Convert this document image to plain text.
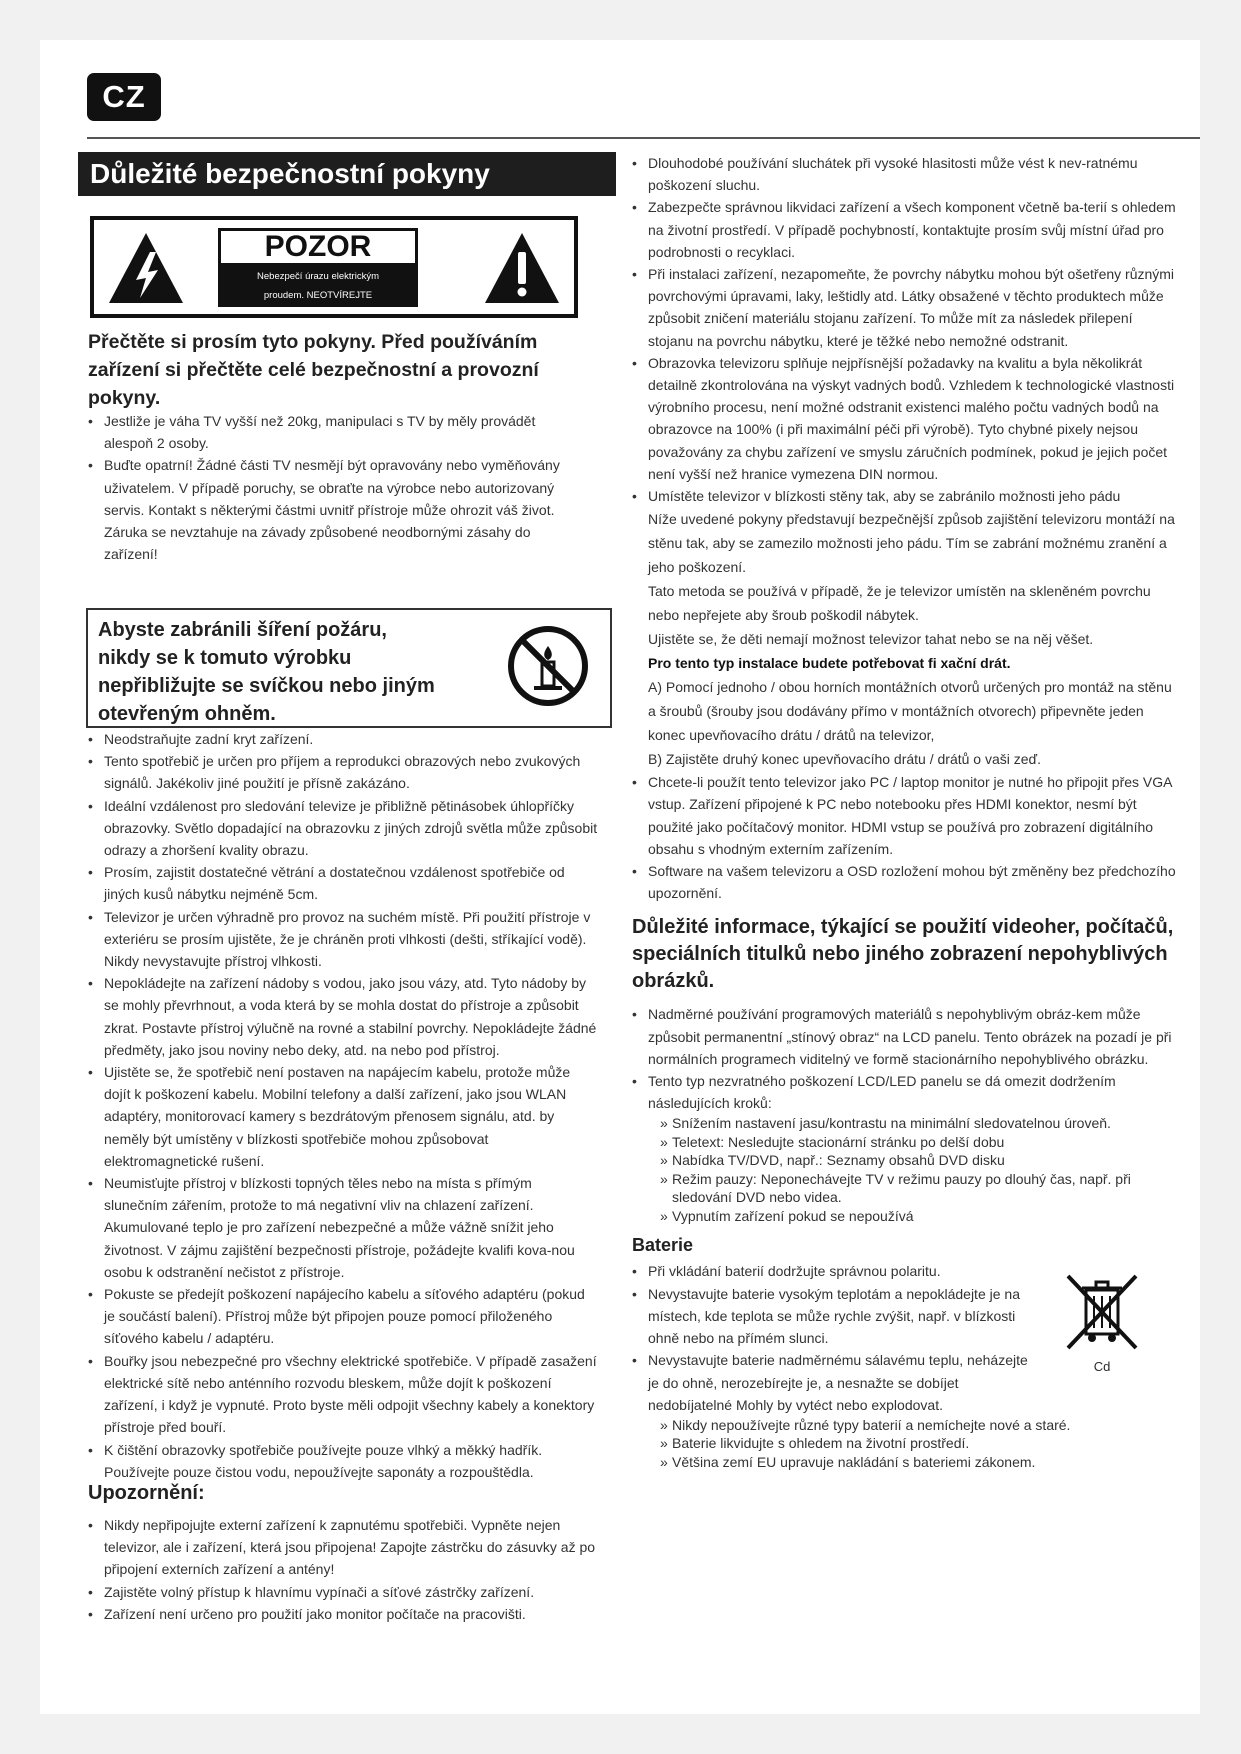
CZ
Důležité bezpečnostní pokyny
POZOR
Nebezpečí úrazu elektrickým
proudem. NEOTVÍREJTE
Přečtěte si prosím tyto pokyny. Před používáním zařízení si přečtěte celé bezpečnostní a provozní pokyny.
• Jestliže je váha TV vyšší než 20kg, manipulaci s TV by měly provádět alespoň 2 osoby.
• Buďte opatrní! Žádné části TV nesmějí být opravovány nebo vyměňovány uživatelem. V případě poruchy, se obraťte na výrobce nebo autorizovaný servis. Kontakt s některými částmi uvnitř přístroje může ohrozit váš život. Záruka se nevztahuje na závady způsobené neodbornými zásahy do zařízení!
Abyste zabránili šíření požáru, nikdy se k tomuto výrobku nepřibližujte se svíčkou nebo jiným otevřeným ohněm.
• Neodstraňujte zadní kryt zařízení.
• Tento spotřebič je určen pro příjem a reprodukci obrazových nebo zvukových signálů. Jakékoliv jiné použití je přísně zakázáno.
• Ideální vzdálenost pro sledování televize je přibližně pětinásobek úhlopříčky obrazovky. Světlo dopadající na obrazovku z jiných zdrojů světla může způsobit odrazy a zhoršení kvality obrazu.
• Prosím, zajistit dostatečné větrání a dostatečnou vzdálenost spotřebiče od jiných kusů nábytku nejméně 5cm.
• Televizor je určen výhradně pro provoz na suchém místě. Při použití přístroje v exteriéru se prosím ujistěte, že je chráněn proti vlhkosti (dešti, stříkající vodě). Nikdy nevystavujte přístroj vlhkosti.
• Nepokládejte na zařízení nádoby s vodou, jako jsou vázy, atd. Tyto nádoby by se mohly převrhnout, a voda která by se mohla dostat do přístroje a způsobit zkrat. Postavte přístroj výlučně na rovné a stabilní povrchy. Nepokládejte žádné předměty, jako jsou noviny nebo deky, atd. na nebo pod přístroj.
• Ujistěte se, že spotřebič není postaven na napájecím kabelu, protože může dojít k poškození kabelu. Mobilní telefony a další zařízení, jako jsou WLAN adaptéry, monitorovací kamery s bezdrátovým přenosem signálu, atd. by neměly být umístěny v blízkosti spotřebiče mohou způsobovat elektromagnetické rušení.
• Neumisťujte přístroj v blízkosti topných těles nebo na místa s přímým slunečním zářením, protože to má negativní vliv na chlazení zařízení. Akumulované teplo je pro zařízení nebezpečné a může vážně snížit jeho životnost. V zájmu zajištění bezpečnosti přístroje, požádejte kvalifi kova-nou osobu k odstranění nečistot z přístroje.
• Pokuste se předejít poškození napájecího kabelu a síťového adaptéru (pokud je součástí balení). Přístroj může být připojen pouze pomocí přiloženého síťového kabelu / adaptéru.
• Bouřky jsou nebezpečné pro všechny elektrické spotřebiče. V případě zasažení elektrické sítě nebo anténního rozvodu bleskem, může dojít k poškození zařízení, i když je vypnuté. Proto byste měli odpojit všechny kabely a konektory přístroje před bouří.
• K čištění obrazovky spotřebiče používejte pouze vlhký a měkký hadřík. Používejte pouze čistou vodu, nepoužívejte saponáty a rozpouštědla.
Upozornění:
• Nikdy nepřipojujte externí zařízení k zapnutému spotřebiči. Vypněte nejen televizor, ale i zařízení, která jsou připojena! Zapojte zástrčku do zásuvky až po připojení externích zařízení a antény!
• Zajistěte volný přístup k hlavnímu vypínači a síťové zástrčky zařízení.
• Zařízení není určeno pro použití jako monitor počítače na pracovišti.
• Dlouhodobé používání sluchátek při vysoké hlasitosti může vést k nev-ratnému poškození sluchu.
• Zabezpečte správnou likvidaci zařízení a všech komponent včetně ba-terií s ohledem na životní prostředí. V případě pochybností, kontaktujte prosím svůj místní úřad pro podrobnosti o recyklaci.
• Při instalaci zařízení, nezapomeňte, že povrchy nábytku mohou být ošetřeny různými povrchovými úpravami, laky, leštidly atd. Látky obsažené v těchto produktech může způsobit zničení materiálu stojanu zařízení. To může mít za následek přilepení stojanu na povrchu nábytku, které je těžké nebo nemožné odstranit.
• Obrazovka televizoru splňuje nejpřísnější požadavky na kvalitu a byla několikrát detailně zkontrolována na výskyt vadných bodů. Vzhledem k technologické vlastnosti výrobního procesu, není možné odstranit existenci malého počtu vadných bodů na obrazovce na 100% (i při maximální péči při výrobě). Tyto chybné pixely nejsou považovány za chybu zařízení ve smyslu záručních podmínek, pokud je jejich počet není vyšší než hranice vymezena DIN normou.
• Umístěte televizor v blízkosti stěny tak, aby se zabránilo možnosti jeho pádu
Níže uvedené pokyny představují bezpečnější způsob zajištění televizoru montáží na stěnu tak, aby se zamezilo možnosti jeho pádu. Tím se zabrání možnému zranění a jeho poškození.
Tato metoda se používá v případě, že je televizor umístěn na skleněném povrchu nebo nepřejete aby šroub poškodil nábytek.
Ujistěte se, že děti nemají možnost televizor tahat nebo se na něj věšet.
Pro tento typ instalace budete potřebovat fi xační drát.
A) Pomocí jednoho / obou horních montážních otvorů určených pro montáž na stěnu a šroubů (šrouby jsou dodávány přímo v montážních otvorech) připevněte jeden konec upevňovacího drátu / drátů na televizor,
B) Zajistěte druhý konec upevňovacího drátu / drátů o vaši zeď.
• Chcete-li použít tento televizor jako PC / laptop monitor je nutné ho připojit přes VGA vstup. Zařízení připojené k PC nebo notebooku přes HDMI konektor, nesmí být použité jako počítačový monitor. HDMI vstup se používá pro zobrazení digitálního obsahu s vhodným externím zařízením.
• Software na vašem televizoru a OSD rozložení mohou být změněny bez předchozího upozornění.
Důležité informace, týkající se použití videoher, počítačů, speciálních titulků nebo jiného zobrazení nepohyblivých obrázků.
• Nadměrné používání programových materiálů s nepohyblivým obráz-kem může způsobit permanentní „stínový obraz“ na LCD panelu. Tento obrázek na pozadí je při normálních programech viditelný ve formě stacionárního nepohyblivého obrázku.
• Tento typ nezvratného poškození LCD/LED panelu se dá omezit dodržením následujících kroků:
» Snížením nastavení jasu/kontrastu na minimální sledovatelnou úroveň.
» Teletext: Nesledujte stacionární stránku po delší dobu
» Nabídka TV/DVD, např.: Seznamy obsahů DVD disku
» Režim pauzy: Neponechávejte TV v režimu pauzy po dlouhý čas, např. při sledování DVD nebo videa.
» Vypnutím zařízení pokud se nepoužívá
Baterie
• Při vkládání baterií dodržujte správnou polaritu.
• Nevystavujte baterie vysokým teplotám a nepokládejte je na místech, kde teplota se může rychle zvýšit, např. v blízkosti ohně nebo na přímém slunci.
• Nevystavujte baterie nadměrnému sálavému teplu, neházejte je do ohně, nerozebírejte je, a nesnažte se dobíjet nedobíjatelné Mohly by vytéct nebo explodovat.
Cd
» Nikdy nepoužívejte různé typy baterií a nemíchejte nové a staré.
» Baterie likvidujte s ohledem na životní prostředí.
» Většina zemí EU upravuje nakládání s bateriemi zákonem.
